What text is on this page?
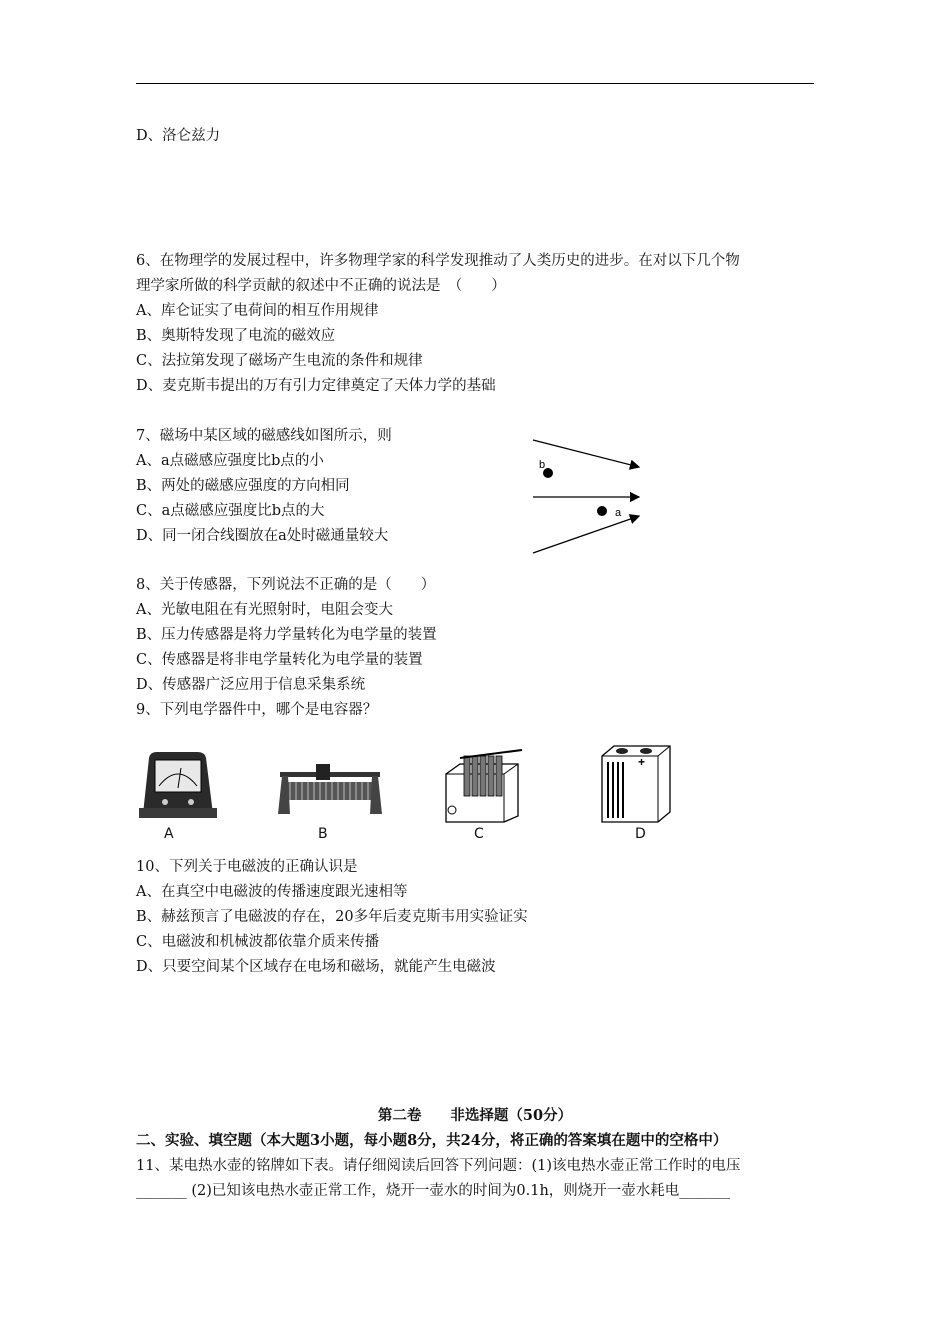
D、洛仑兹力
6、在物理学的发展过程中，许多物理学家的科学发现推动了人类历史的进步。在对以下几个物
理学家所做的科学贡献的叙述中不正确的说法是　（　　）
A、库仑证实了电荷间的相互作用规律
B、奥斯特发现了电流的磁效应
C、法拉第发现了磁场产生电流的条件和规律
D、麦克斯韦提出的万有引力定律奠定了天体力学的基础
7、磁场中某区域的磁感线如图所示，则
A、a点磁感应强度比b点的小
B、两处的磁感应强度的方向相同
C、a点磁感应强度比b点的大
D、同一闭合线圈放在a处时磁通量较大
b
a
8、关于传感器，下列说法不正确的是（　　）
A、光敏电阻在有光照射时，电阻会变大
B、压力传感器是将力学量转化为电学量的装置
C、传感器是将非电学量转化为电学量的装置
D、传感器广泛应用于信息采集系统
9、下列电学器件中，哪个是电容器？
A	B	C
+
D
10、下列关于电磁波的正确认识是
A、在真空中电磁波的传播速度跟光速相等
B、赫兹预言了电磁波的存在，20多年后麦克斯韦用实验证实
C、电磁波和机械波都依靠介质来传播
D、只要空间某个区域存在电场和磁场，就能产生电磁波
第二卷　　非选择题（50分）
二、实验、填空题（本大题3小题，每小题8分，共24分，将正确的答案填在题中的空格中）
11、某电热水壶的铭牌如下表。请仔细阅读后回答下列问题：(1)该电热水壶正常工作时的电压
_______ (2)已知该电热水壶正常工作，烧开一壶水的时间为0.1h，则烧开一壶水耗电_______
